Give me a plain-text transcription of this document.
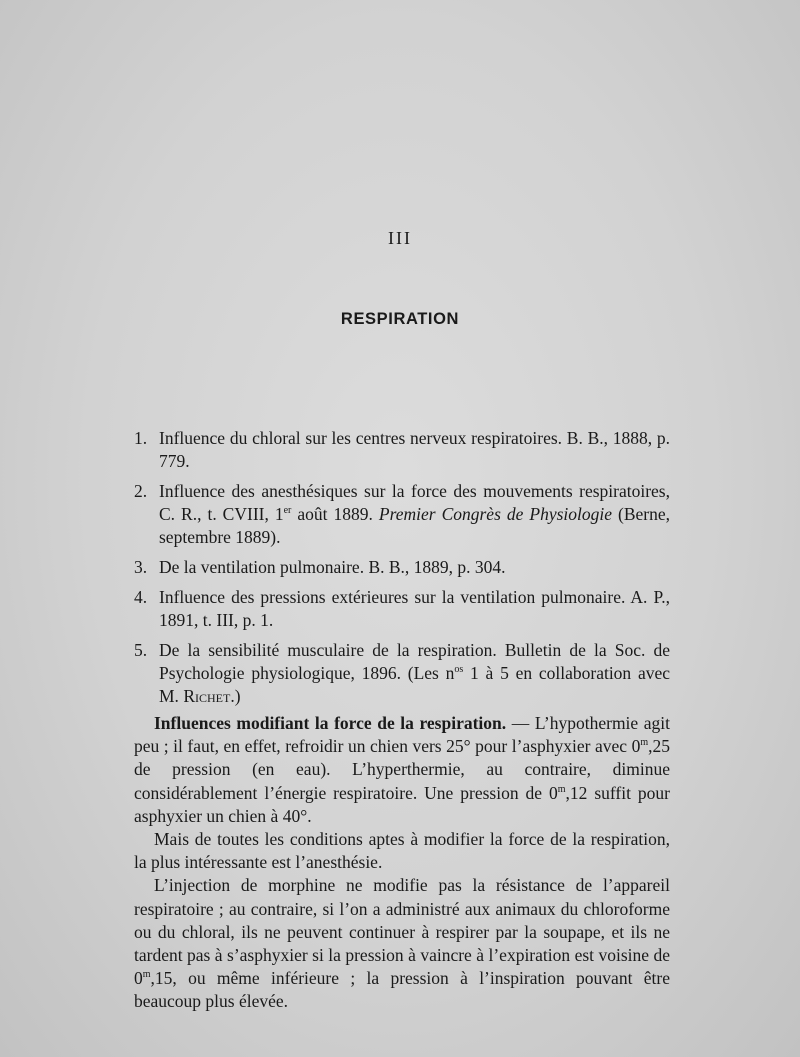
III
RESPIRATION
1. Influence du chloral sur les centres nerveux respiratoires. B. B., 1888, p. 779.
2. Influence des anesthésiques sur la force des mouvements respiratoires, C. R., t. CVIII, 1er août 1889. Premier Congrès de Physiologie (Berne, septembre 1889).
3. De la ventilation pulmonaire. B. B., 1889, p. 304.
4. Influence des pressions extérieures sur la ventilation pulmonaire. A. P., 1891, t. III, p. 1.
5. De la sensibilité musculaire de la respiration. Bulletin de la Soc. de Psychologie physiologique, 1896. (Les $n^{os}$ 1 à 5 en collaboration avec M. Richet.)

Influences modifiant la force de la respiration. — L’hypothermie agit peu ; il faut, en effet, refroidir un chien vers 25° pour l’asphyxier avec 0$^m$,25 de pression (en eau). L’hyperthermie, au contraire, diminue considérablement l’énergie respiratoire. Une pression de 0$^m$,12 suffit pour asphyxier un chien à 40°.

Mais de toutes les conditions aptes à modifier la force de la respiration, la plus intéressante est l’anesthésie.

L’injection de morphine ne modifie pas la résistance de l’appareil respiratoire ; au contraire, si l’on a administré aux animaux du chloroforme ou du chloral, ils ne peuvent continuer à respirer par la soupape, et ils ne tardent pas à s’asphyxier si la pression à vaincre à l’expiration est voisine de 0$^m$,15, ou même inférieure ; la pression à l’inspiration pouvant être beaucoup plus élevée.
